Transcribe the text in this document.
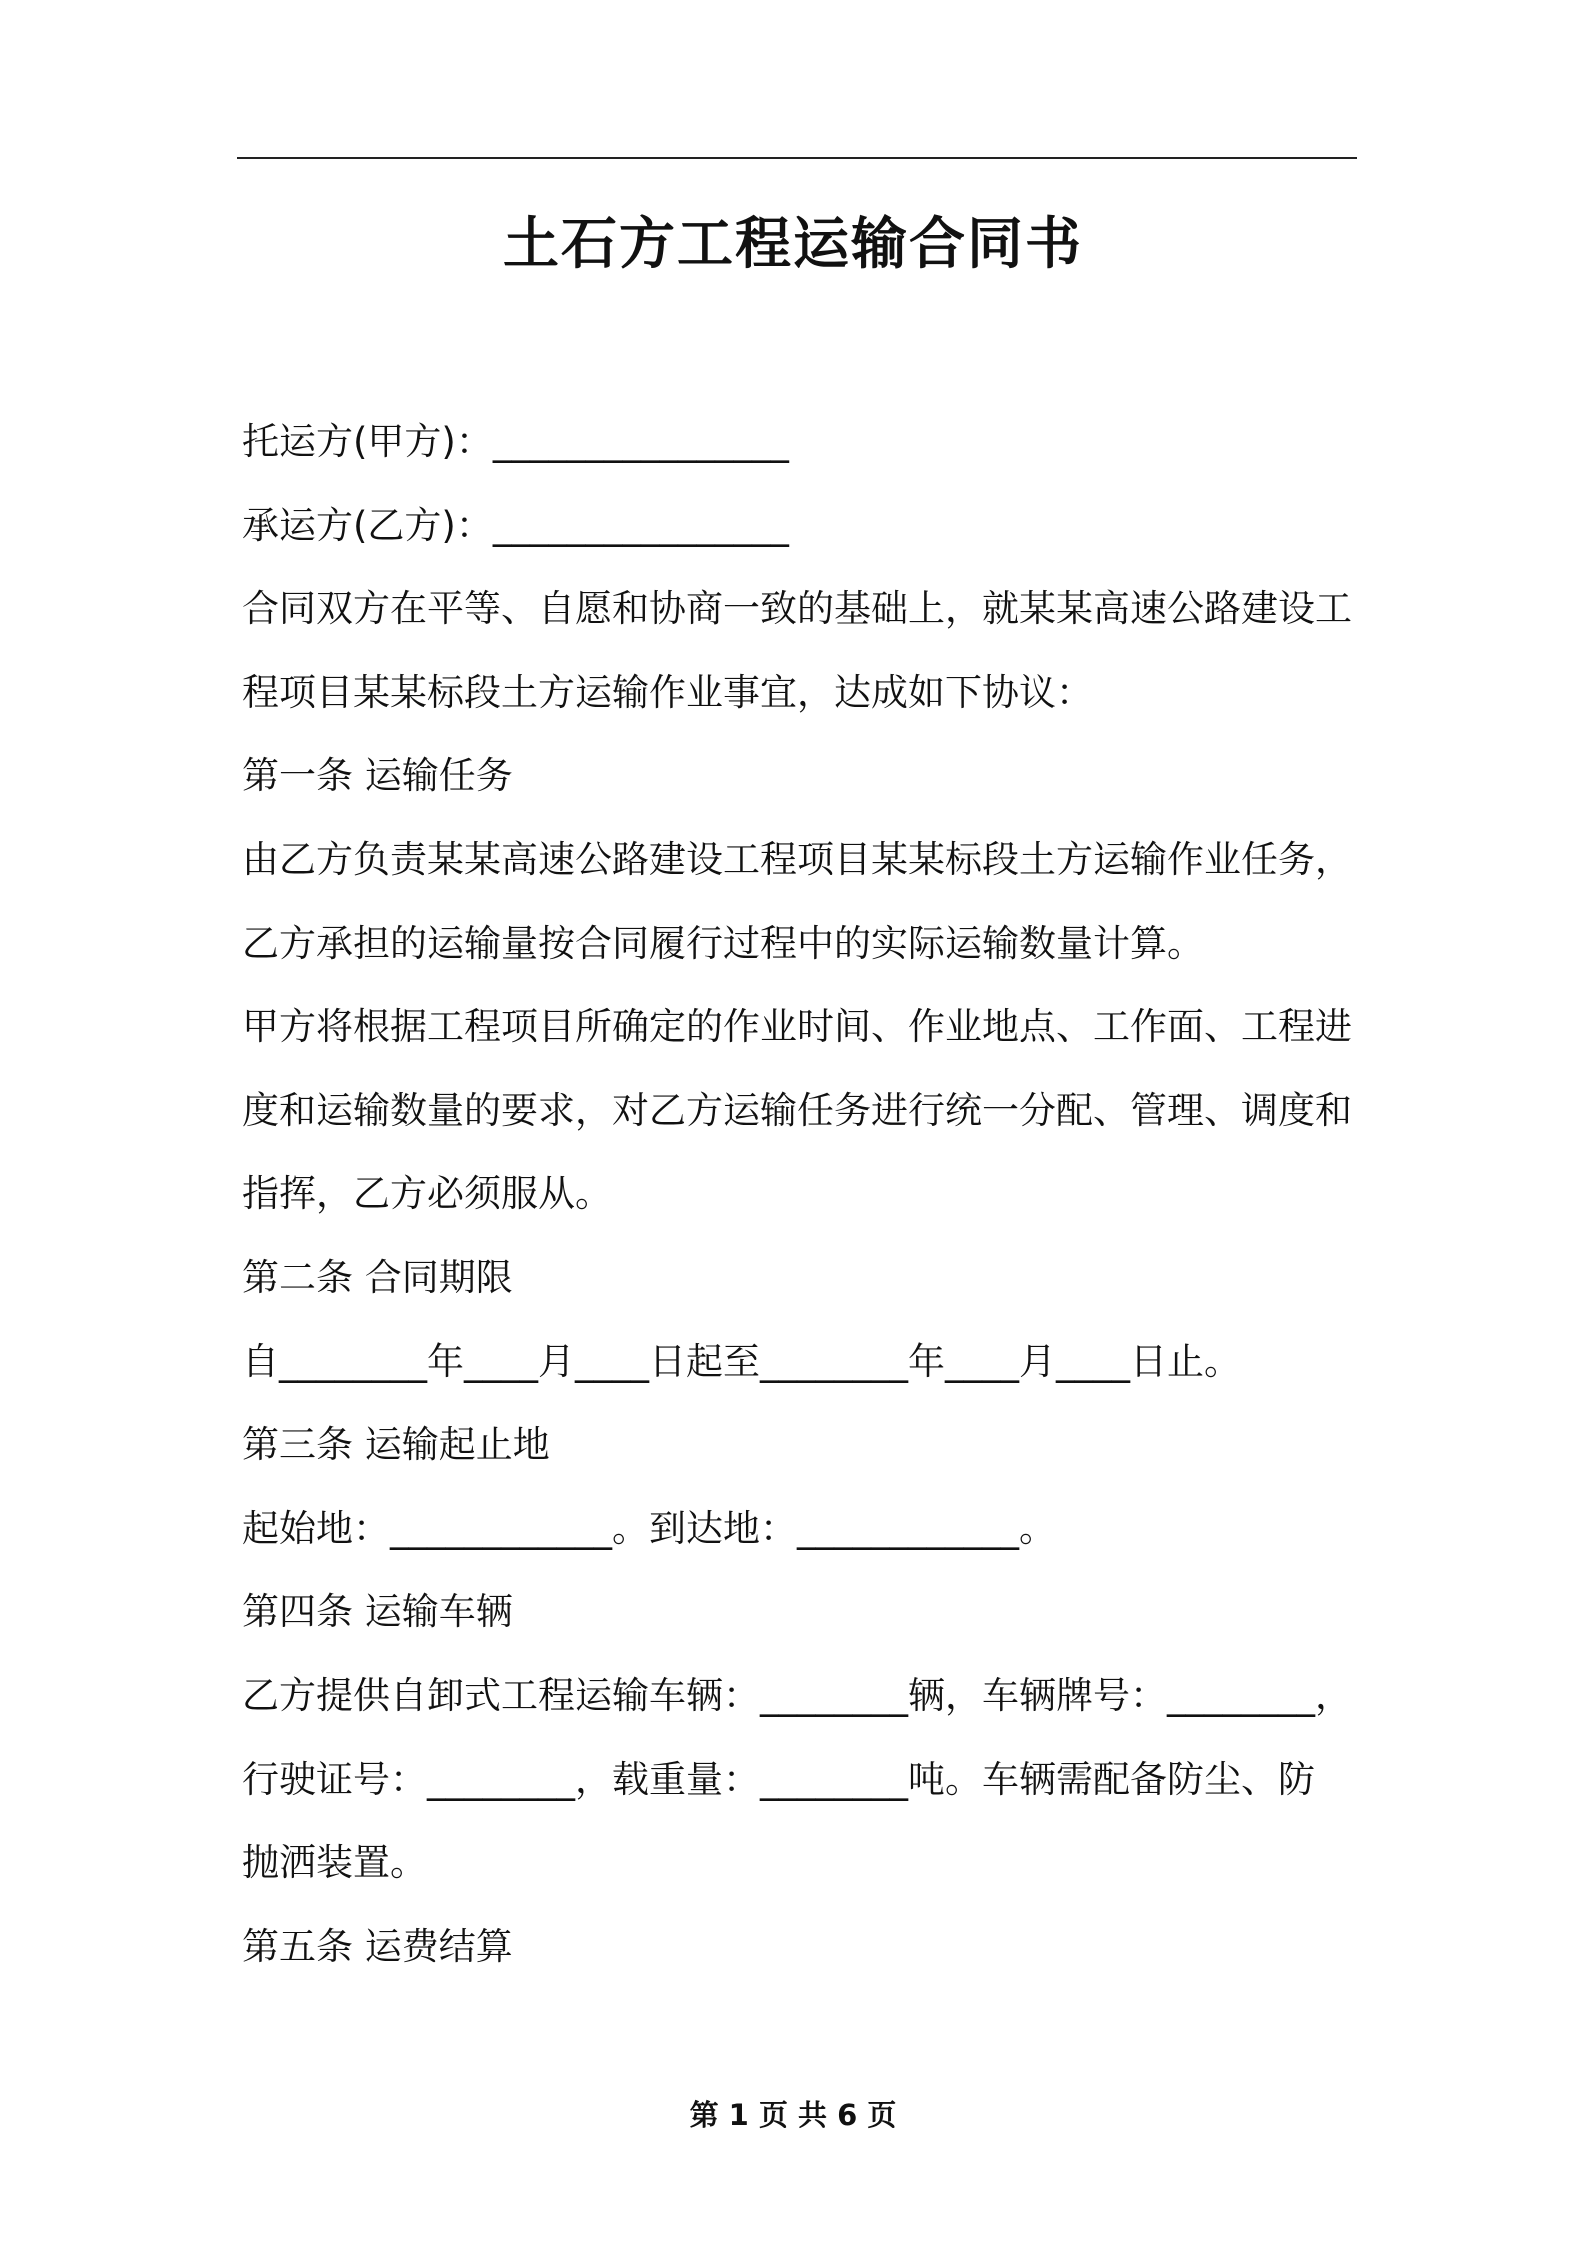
土石方工程运输合同书
托运方(甲方)：________________
承运方(乙方)：________________
合同双方在平等、自愿和协商一致的基础上，就某某高速公路建设工
程项目某某标段土方运输作业事宜，达成如下协议：
第一条 运输任务
由乙方负责某某高速公路建设工程项目某某标段土方运输作业任务，
乙方承担的运输量按合同履行过程中的实际运输数量计算。
甲方将根据工程项目所确定的作业时间、作业地点、工作面、工程进
度和运输数量的要求，对乙方运输任务进行统一分配、管理、调度和
指挥，乙方必须服从。
第二条 合同期限
自________年____月____日起至________年____月____日止。
第三条 运输起止地
起始地：____________。到达地：____________。
第四条 运输车辆
乙方提供自卸式工程运输车辆：________辆，车辆牌号：________，
行驶证号：________，载重量：________吨。车辆需配备防尘、防
抛洒装置。
第五条 运费结算
第 1 页 共 6 页
